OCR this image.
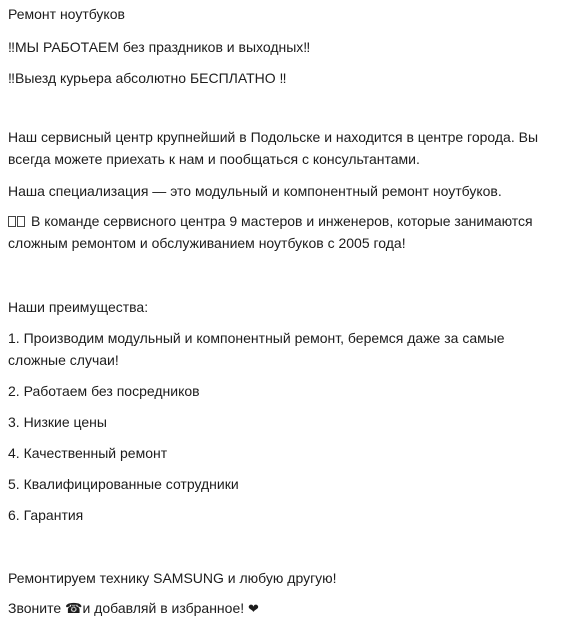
Ремонт ноутбуков
‼МЫ РАБОТАЕМ без праздников и выходных‼
‼Выезд курьера абсолютно БЕСПЛАТНО ‼
Наш сервисный центр крупнейший в Подольске и находится в центре города. Вы
всегда можете приехать к нам и пообщаться с консультантами.
Наша специализация — это модульный и компонентный ремонт ноутбуков.
В команде сервисного центра 9 мастеров и инженеров, которые занимаются
сложным ремонтом и обслуживанием ноутбуков с 2005 года!
Наши преимущества:
1. Производим модульный и компонентный ремонт, беремся даже за самые
сложные случаи!
2. Работаем без посредников
3. Низкие цены
4. Качественный ремонт
5. Квалифицированные сотрудники
6. Гарантия
Ремонтируем технику SAMSUNG и любую другую!
Звоните ☎и добавляй в избранное! ❤
